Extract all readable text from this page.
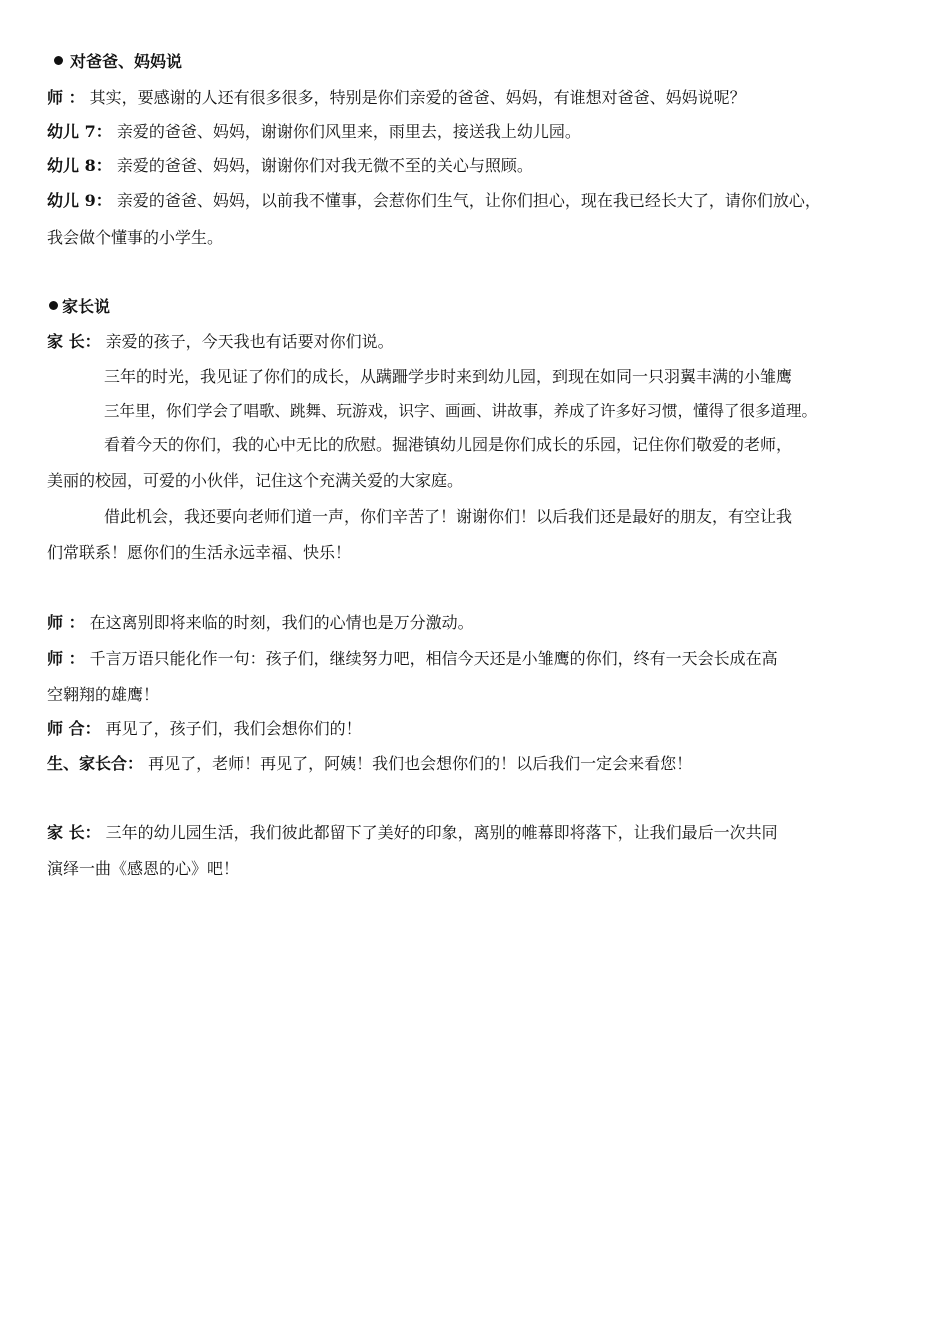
对爸爸、妈妈说
师 ： 其实，要感谢的人还有很多很多，特别是你们亲爱的爸爸、妈妈，有谁想对爸爸、妈妈说呢？
幼儿 7： 亲爱的爸爸、妈妈，谢谢你们风里来，雨里去，接送我上幼儿园。
幼儿 8： 亲爱的爸爸、妈妈，谢谢你们对我无微不至的关心与照顾。
幼儿 9： 亲爱的爸爸、妈妈，以前我不懂事，会惹你们生气，让你们担心，现在我已经长大了，请你们放心，
我会做个懂事的小学生。
家长说
家 长： 亲爱的孩子，今天我也有话要对你们说。
三年的时光，我见证了你们的成长，从蹒跚学步时来到幼儿园，到现在如同一只羽翼丰满的小雏鹰
三年里，你们学会了唱歌、跳舞、玩游戏，识字、画画、讲故事，养成了许多好习惯，懂得了很多道理。
看着今天的你们，我的心中无比的欣慰。掘港镇幼儿园是你们成长的乐园，记住你们敬爱的老师，
美丽的校园，可爱的小伙伴，记住这个充满关爱的大家庭。
借此机会，我还要向老师们道一声，你们辛苦了！谢谢你们！以后我们还是最好的朋友，有空让我
们常联系！愿你们的生活永远幸福、快乐！
师 ： 在这离别即将来临的时刻，我们的心情也是万分激动。
师 ： 千言万语只能化作一句：孩子们，继续努力吧，相信今天还是小雏鹰的你们，终有一天会长成在高
空翱翔的雄鹰！
师 合： 再见了，孩子们，我们会想你们的！
生、家长合： 再见了，老师！再见了，阿姨！我们也会想你们的！以后我们一定会来看您！
家 长： 三年的幼儿园生活，我们彼此都留下了美好的印象，离别的帷幕即将落下，让我们最后一次共同
演绎一曲《感恩的心》吧！
